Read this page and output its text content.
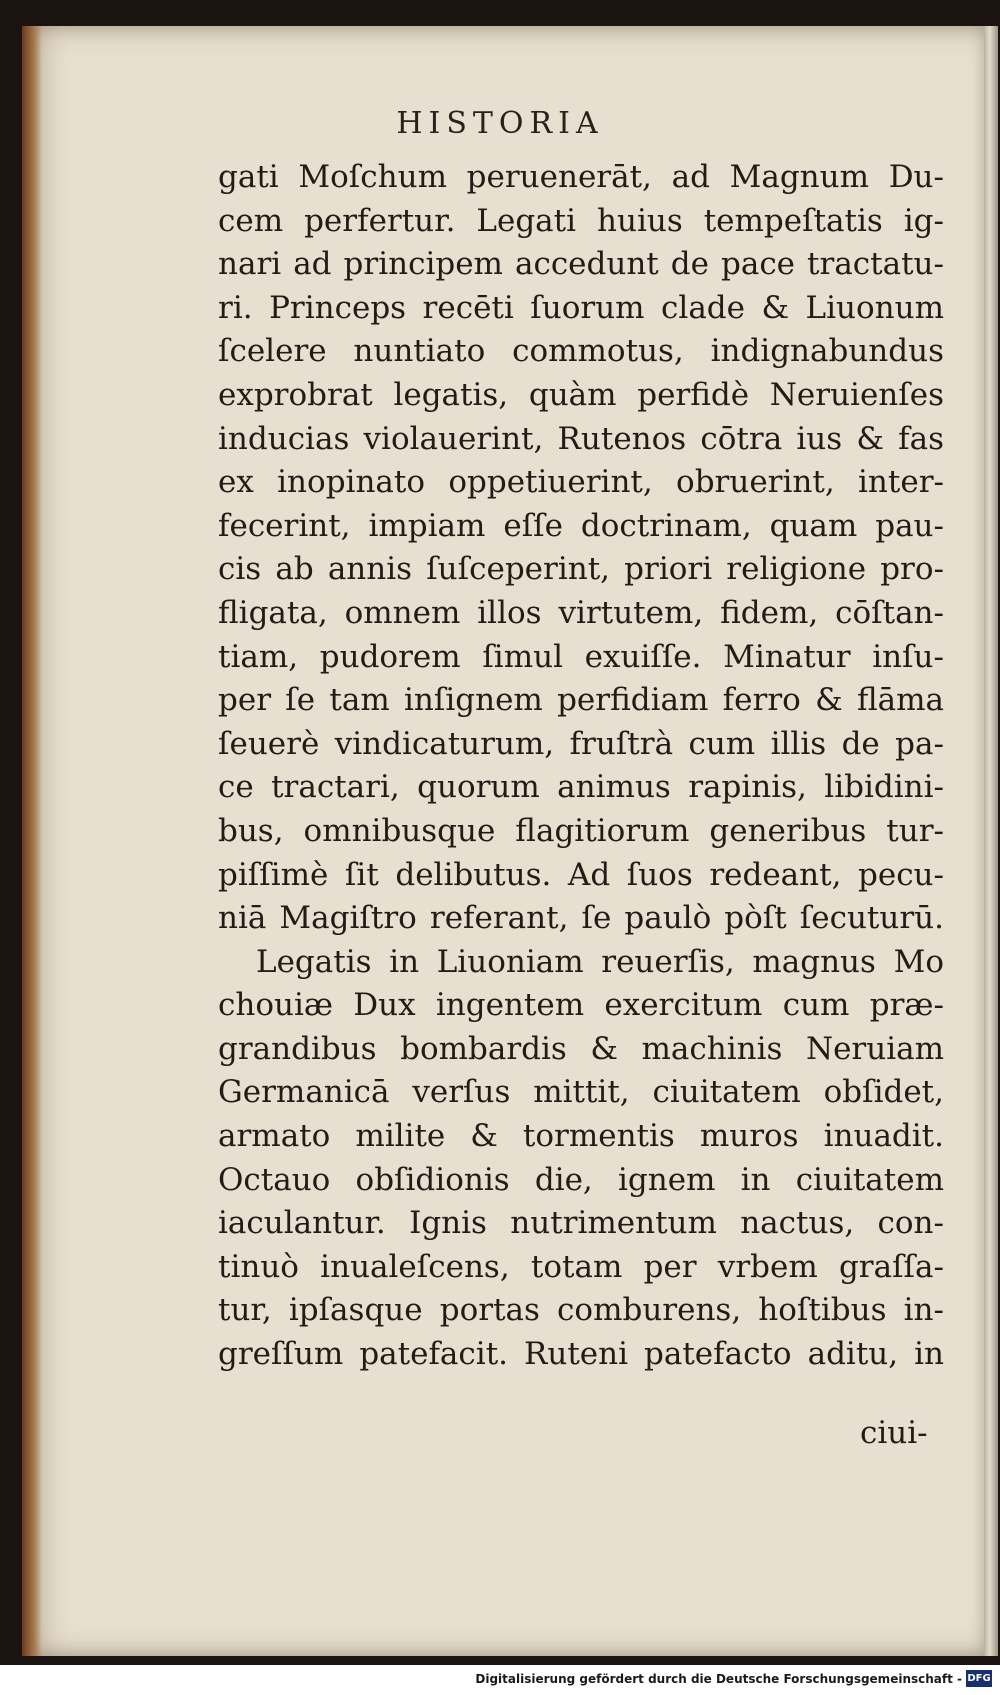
HISTORIA
gati Moſchum peruenerāt, ad Magnum Du-
cem perfertur. Legati huius tempeſtatis ig-
nari ad principem accedunt de pace tractatu-
ri. Princeps recēti ſuorum clade & Liuonum
ſcelere nuntiato commotus, indignabundus
exprobrat legatis, quàm perfidè Neruienſes
inducias violauerint, Rutenos cōtra ius & fas
ex inopinato oppetiuerint, obruerint, inter-
fecerint, impiam eſſe doctrinam, quam pau-
cis ab annis ſuſceperint, priori religione pro-
fligata, omnem illos virtutem, fidem, cōſtan-
tiam, pudorem ſimul exuiſſe. Minatur inſu-
per ſe tam inſignem perfidiam ferro & flāma
ſeuerè vindicaturum, fruſtrà cum illis de pa-
ce tractari, quorum animus rapinis, libidini-
bus, omnibusque flagitiorum generibus tur-
piſſimè ſit delibutus. Ad ſuos redeant, pecu-
niā Magiſtro referant, ſe paulò pòſt ſecuturū.
Legatis in Liuoniam reuerſis, magnus Mo
chouiæ Dux ingentem exercitum cum præ-
grandibus bombardis & machinis Neruiam
Germanicā verſus mittit, ciuitatem obſidet,
armato milite & tormentis muros inuadit.
Octauo obſidionis die, ignem in ciuitatem
iaculantur. Ignis nutrimentum nactus, con-
tinuò inualeſcens, totam per vrbem graſſa-
tur, ipſasque portas comburens, hoſtibus in-
greſſum patefacit. Ruteni patefacto aditu, in
ciui-
Digitalisierung gefördert durch die Deutsche Forschungsgemeinschaft - DFG
